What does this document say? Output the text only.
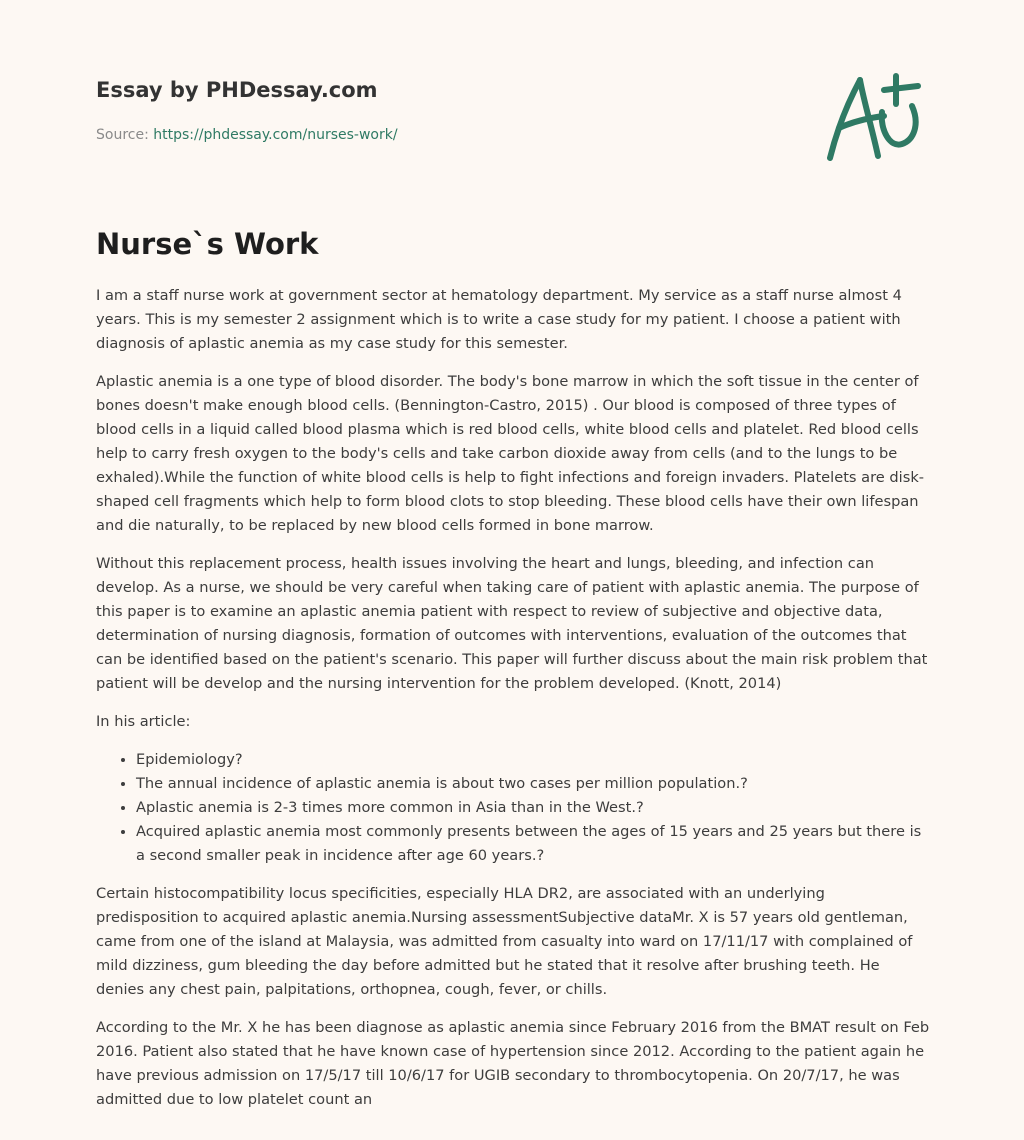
Essay by PHDessay.com
Source: https://phdessay.com/nurses-work/
Nurse`s Work

I am a staff nurse work at government sector at hematology department. My service as a staff nurse almost 4 years. This is my semester 2 assignment which is to write a case study for my patient. I choose a patient with diagnosis of aplastic anemia as my case study for this semester.

Aplastic anemia is a one type of blood disorder. The body's bone marrow in which the soft tissue in the center of bones doesn't make enough blood cells. (Bennington-Castro, 2015) . Our blood is composed of three types of blood cells in a liquid called blood plasma which is red blood cells, white blood cells and platelet. Red blood cells help to carry fresh oxygen to the body's cells and take carbon dioxide away from cells (and to the lungs to be exhaled).While the function of white blood cells is help to fight infections and foreign invaders. Platelets are disk-shaped cell fragments which help to form blood clots to stop bleeding. These blood cells have their own lifespan and die naturally, to be replaced by new blood cells formed in bone marrow.

Without this replacement process, health issues involving the heart and lungs, bleeding, and infection can develop. As a nurse, we should be very careful when taking care of patient with aplastic anemia. The purpose of this paper is to examine an aplastic anemia patient with respect to review of subjective and objective data, determination of nursing diagnosis, formation of outcomes with interventions, evaluation of the outcomes that can be identified based on the patient's scenario. This paper will further discuss about the main risk problem that patient will be develop and the nursing intervention for the problem developed. (Knott, 2014)

In his article:

• Epidemiology?
• The annual incidence of aplastic anemia is about two cases per million population.?
• Aplastic anemia is 2-3 times more common in Asia than in the West.?
• Acquired aplastic anemia most commonly presents between the ages of 15 years and 25 years but there is a second smaller peak in incidence after age 60 years.?

Certain histocompatibility locus specificities, especially HLA DR2, are associated with an underlying predisposition to acquired aplastic anemia.Nursing assessmentSubjective dataMr. X is 57 years old gentleman, came from one of the island at Malaysia, was admitted from casualty into ward on 17/11/17 with complained of mild dizziness, gum bleeding the day before admitted but he stated that it resolve after brushing teeth. He denies any chest pain, palpitations, orthopnea, cough, fever, or chills.

According to the Mr. X he has been diagnose as aplastic anemia since February 2016 from the BMAT result on Feb 2016. Patient also stated that he have known case of hypertension since 2012. According to the patient again he have previous admission on 17/5/17 till 10/6/17 for UGIB secondary to thrombocytopenia. On 20/7/17, he was admitted due to low platelet count an
